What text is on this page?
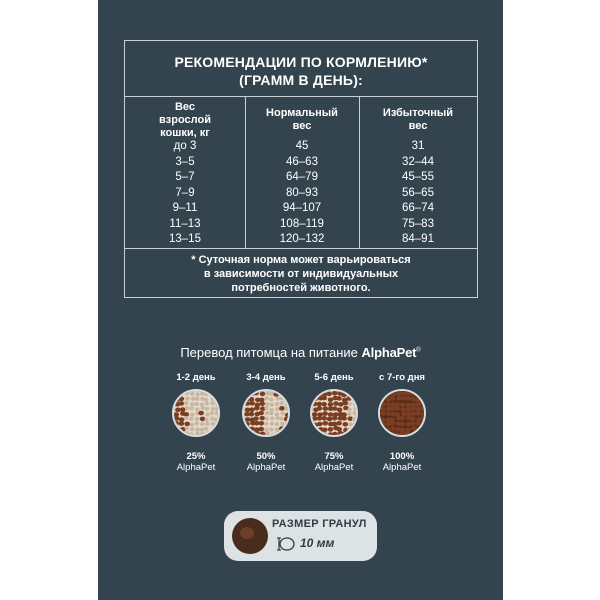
РЕКОМЕНДАЦИИ ПО КОРМЛЕНИЮ*
(ГРАММ В ДЕНЬ):
Вес
взрослой
кошки, кг
до 3
3–5
5–7
7–9
9–11
11–13
13–15
Нормальный
вес
45
46–63
64–79
80–93
94–107
108–119
120–132
Избыточный
вес
31
32–44
45–55
56–65
66–74
75–83
84–91
* Суточная норма может варьироваться
в зависимости от индивидуальных
потребностей животного.
Перевод питомца на питание AlphaPet®
1-2 день
25%
AlphaPet
3-4 день
50%
AlphaPet
5-6 день
75%
AlphaPet
с 7-го дня
100%
AlphaPet
РАЗМЕР ГРАНУЛ
10 мм
